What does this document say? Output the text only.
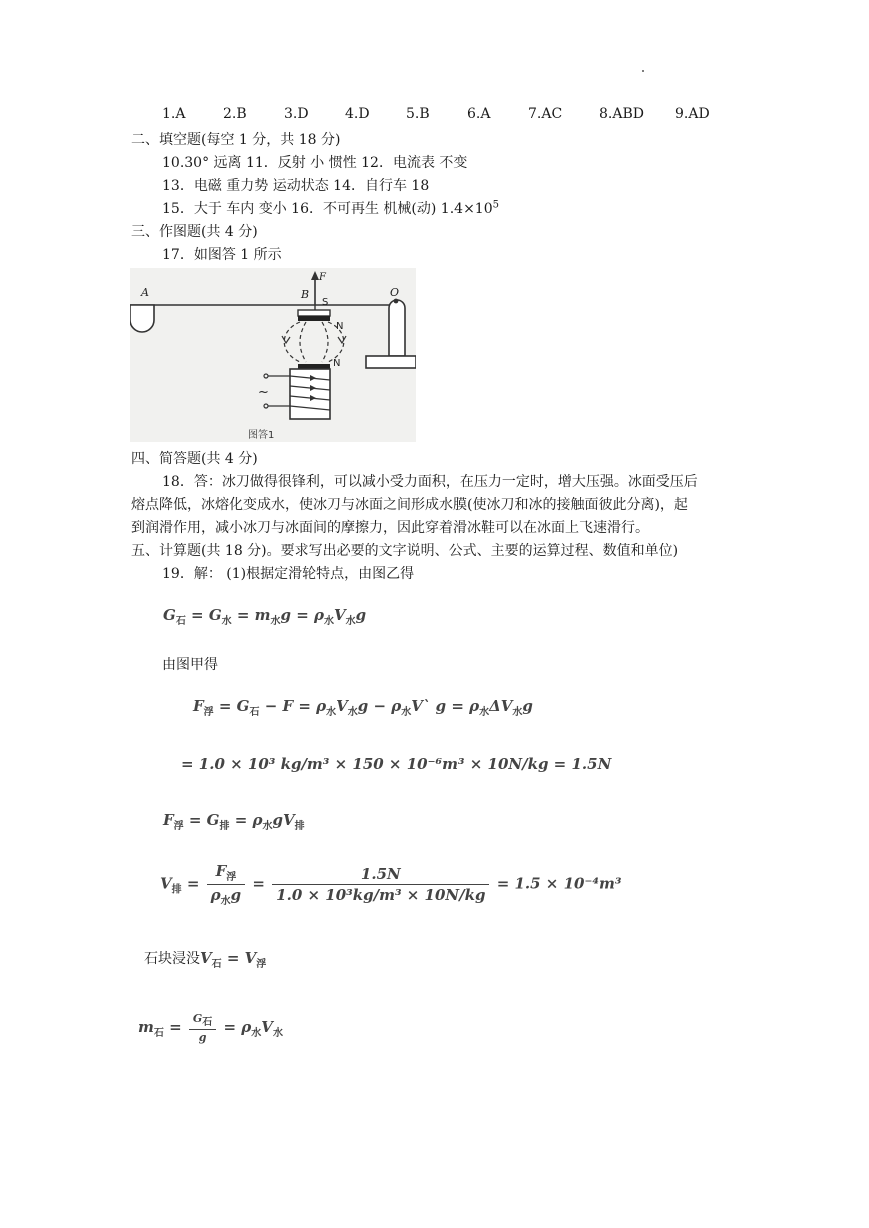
1.A	2.B	3.D	4.D	5.B	6.A	7.AC	8.ABD 9.AD
二、填空题(每空 1 分，共 18 分)
10.30° 远离 11．反射 小 惯性 12．电流表 不变
13．电磁 重力势 运动状态 14．自行车 18
15．大于 车内 变小 16．不可再生 机械(动) $1.4\times 10^5$
三、作图题(共 4 分)
17．如图答 1 所示
A	B
F
O
S
N
N
~
图答1
四、简答题(共 4 分)
18．答：冰刀做得很锋利，可以减小受力面积，在压力一定时，增大压强。冰面受压后
熔点降低，冰熔化变成水，使冰刀与冰面之间形成水膜(使冰刀和冰的接触面彼此分离)，起
到润滑作用，减小冰刀与冰面间的摩擦力，因此穿着滑冰鞋可以在冰面上飞速滑行。
五、计算题(共 18 分)。要求写出必要的文字说明、公式、主要的运算过程、数值和单位)
19．解： (1)根据定滑轮特点，由图乙得
$G_石 = G_水 = m_水g = \rho_水V_水g$
由图甲得
$F_浮 = G_石 - F = \rho_水V_水g$ − $\rho_水V`$ $g = \rho_水\Delta V_水g$
= 1.0 × 10³ kg/m³ × 150 × 10⁻⁶m³ × 10N/kg = 1.5N
$F_浮 = G_排 = \rho_水gV_排$
$V_排 = \frac{F_浮}{\rho_水g} = \frac{1.5N}{\text{1.0 × 10³kg/m³ × 10N/kg}} = 1.5 \times 10^{-4}m^3$
石块浸没$V_石 = V_浮$
$m_石 = \frac{G_石}{g} = \rho_水V_水$
